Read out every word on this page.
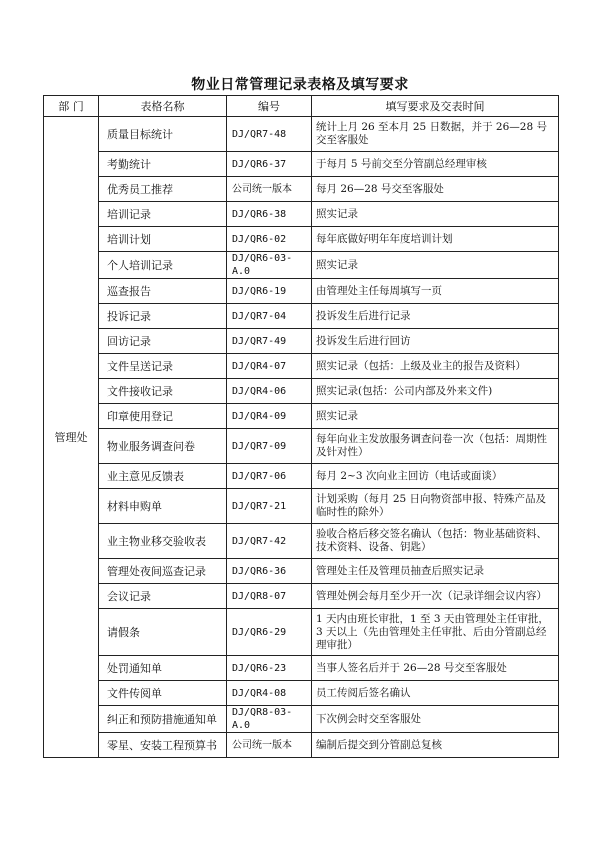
物业日常管理记录表格及填写要求
部 门	表格名称	编号	填写要求及交表时间
管理处	质量目标统计	DJ/QR7-48	统计上月 26 至本月 25 日数据，并于 26—28 号交至客服处
	考勤统计	DJ/QR6-37	于每月 5 号前交至分管副总经理审核
	优秀员工推荐	公司统一版本	每月 26—28 号交至客服处
	培训记录	DJ/QR6-38	照实记录
	培训计划	DJ/QR6-02	每年底做好明年年度培训计划
	个人培训记录	DJ/QR6-03-A.0	照实记录
	巡查报告	DJ/QR6-19	由管理处主任每周填写一页
	投诉记录	DJ/QR7-04	投诉发生后进行记录
	回访记录	DJ/QR7-49	投诉发生后进行回访
	文件呈送记录	DJ/QR4-07	照实记录（包括：上级及业主的报告及资料）
	文件接收记录	DJ/QR4-06	照实记录(包括：公司内部及外来文件)
	印章使用登记	DJ/QR4-09	照实记录
	物业服务调查问卷	DJ/QR7-09	每年向业主发放服务调查问卷一次（包括：周期性及针对性）
	业主意见反馈表	DJ/QR7-06	每月 2~3 次向业主回访（电话或面谈）
	材料申购单	DJ/QR7-21	计划采购（每月 25 日向物资部申报、特殊产品及临时性的除外）
	业主物业移交验收表	DJ/QR7-42	验收合格后移交签名确认（包括：物业基础资料、技术资料、设备、钥匙）
	管理处夜间巡查记录	DJ/QR6-36	管理处主任及管理员抽查后照实记录
	会议记录	DJ/QR8-07	管理处例会每月至少开一次（记录详细会议内容）
	请假条	DJ/QR6-29	1 天内由班长审批，1 至 3 天由管理处主任审批，3 天以上（先由管理处主任审批、后由分管副总经理审批）
	处罚通知单	DJ/QR6-23	当事人签名后并于 26—28 号交至客服处
	文件传阅单	DJ/QR4-08	员工传阅后签名确认
	纠正和预防措施通知单	DJ/QR8-03-A.0	下次例会时交至客服处
	零星、安装工程预算书	公司统一版本	编制后提交到分管副总复核
